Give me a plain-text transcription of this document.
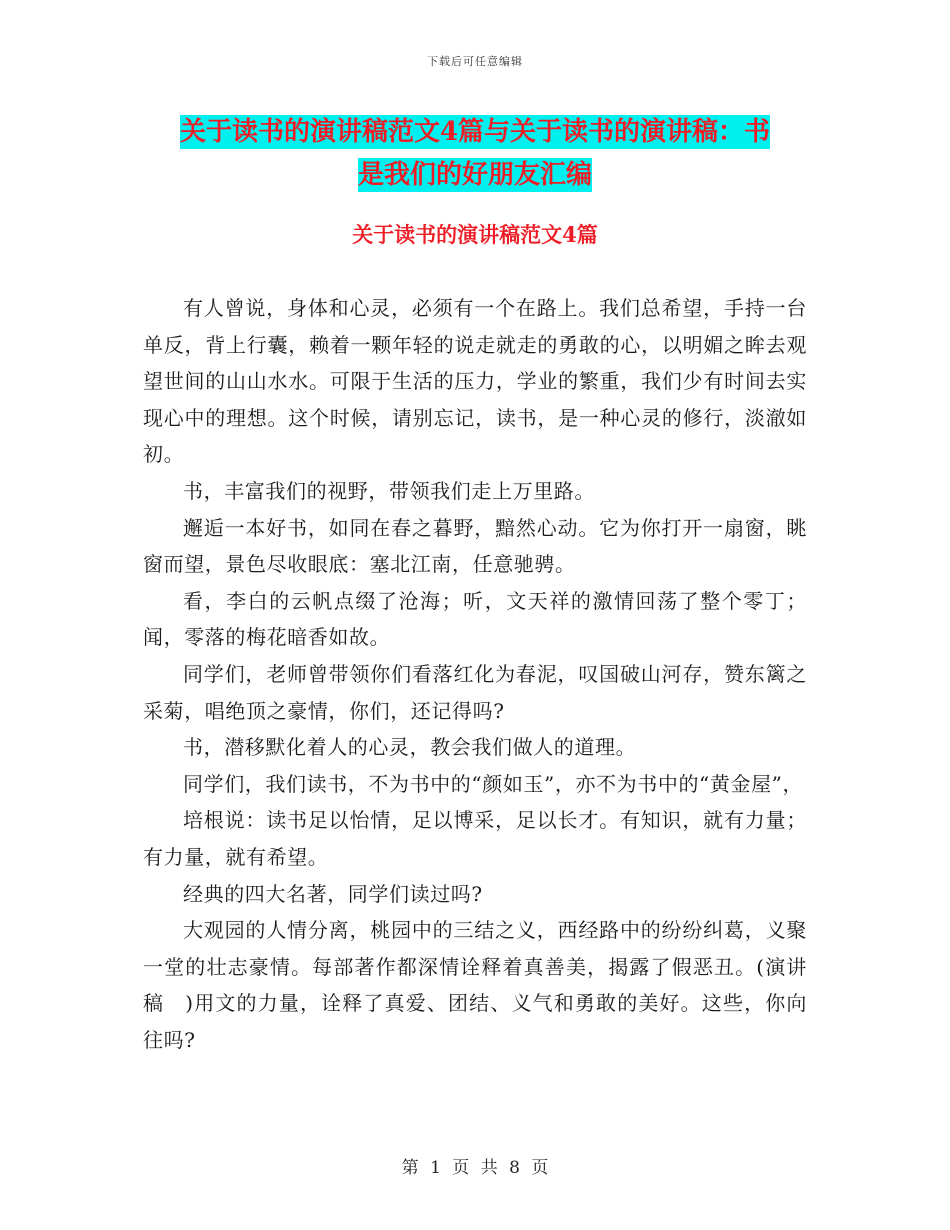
下载后可任意编辑
关于读书的演讲稿范文4篇与关于读书的演讲稿：书
是我们的好朋友汇编
关于读书的演讲稿范文4篇

有人曾说，身体和心灵，必须有一个在路上。我们总希望，手持一台单反，背上行囊，赖着一颗年轻的说走就走的勇敢的心，以明媚之眸去观望世间的山山水水。可限于生活的压力，学业的繁重，我们少有时间去实现心中的理想。这个时候，请别忘记，读书，是一种心灵的修行，淡澈如初。

书，丰富我们的视野，带领我们走上万里路。

邂逅一本好书，如同在春之暮野，黯然心动。它为你打开一扇窗，眺窗而望，景色尽收眼底：塞北江南，任意驰骋。

看，李白的云帆点缀了沧海；听，文天祥的激情回荡了整个零丁；闻，零落的梅花暗香如故。

同学们，老师曾带领你们看落红化为春泥，叹国破山河存，赞东篱之采菊，唱绝顶之豪情，你们，还记得吗?

书，潜移默化着人的心灵，教会我们做人的道理。

同学们，我们读书，不为书中的“颜如玉”，亦不为书中的“黄金屋”，

培根说：读书足以怡情，足以博采，足以长才。有知识，就有力量；有力量，就有希望。

经典的四大名著，同学们读过吗?

大观园的人情分离，桃园中的三结之义，西经路中的纷纷纠葛，义聚一堂的壮志豪情。每部著作都深情诠释着真善美，揭露了假恶丑。(演讲稿　)用文的力量，诠释了真爱、团结、义气和勇敢的美好。这些，你向往吗?

第 1 页 共 8 页
